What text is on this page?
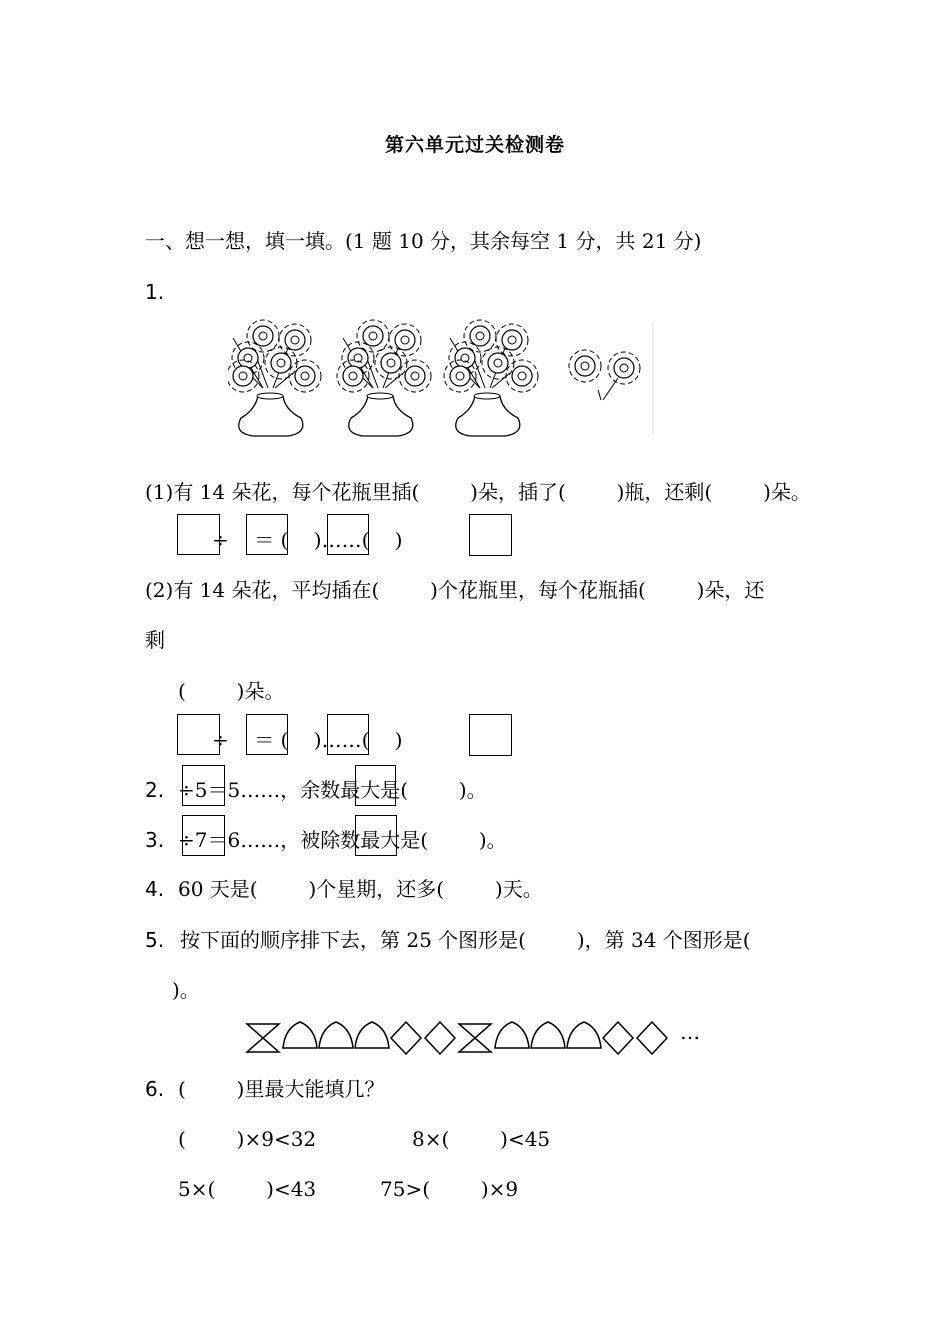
第六单元过关检测卷
一、想一想，填一填。(1 题 10 分，其余每空 1 分，共 21 分)
1.
(1)有 14 朵花，每个花瓶里插(        )朵，插了(        )瓶，还剩(        )朵。
÷    ＝ (    )……(    )
(2)有 14 朵花，平均插在(        )个花瓶里，每个花瓶插(        )朵，还
剩
(        )朵。
÷    ＝ (    )……(    )
2. ÷5＝5……，余数最大是(        )。
3. ÷7＝6……，被除数最大是(        )。
4. 60 天是(        )个星期，还多(        )天。
5. 按下面的顺序排下去，第 25 个图形是(        )，第 34 个图形是(
)。
…
6. (        )里最大能填几？
(        )×9<32	8×(        )<45
5×(        )<43	75>(        )×9
